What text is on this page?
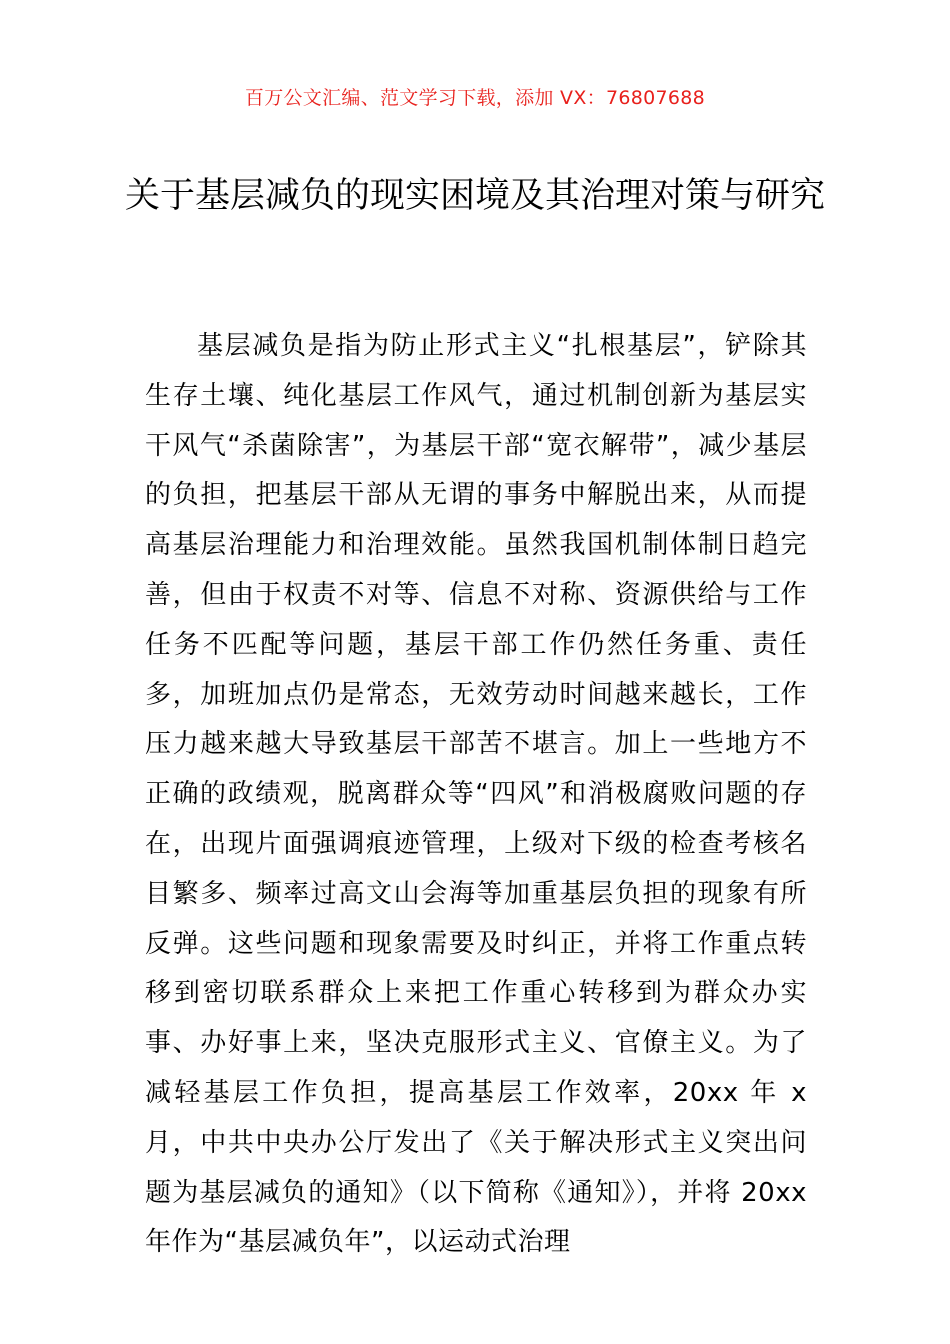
百万公文汇编、范文学习下载，添加 VX：76807688
关于基层减负的现实困境及其治理对策与研究

基层减负是指为防止形式主义“扎根基层”，铲除其生存土壤、纯化基层工作风气，通过机制创新为基层实干风气“杀菌除害”，为基层干部“宽衣解带”，减少基层的负担，把基层干部从无谓的事务中解脱出来，从而提高基层治理能力和治理效能。虽然我国机制体制日趋完善，但由于权责不对等、信息不对称、资源供给与工作任务不匹配等问题，基层干部工作仍然任务重、责任多，加班加点仍是常态，无效劳动时间越来越长，工作压力越来越大导致基层干部苦不堪言。加上一些地方不正确的政绩观，脱离群众等“四风”和消极腐败问题的存在，出现片面强调痕迹管理，上级对下级的检查考核名目繁多、频率过高文山会海等加重基层负担的现象有所反弹。这些问题和现象需要及时纠正，并将工作重点转移到密切联系群众上来把工作重心转移到为群众办实事、办好事上来，坚决克服形式主义、官僚主义。为了减轻基层工作负担，提高基层工作效率，20xx 年 x 月，中共中央办公厅发出了《关于解决形式主义突出问题为基层减负的通知》（以下简称《通知》），并将 20xx 年作为“基层减负年”，以运动式治理
